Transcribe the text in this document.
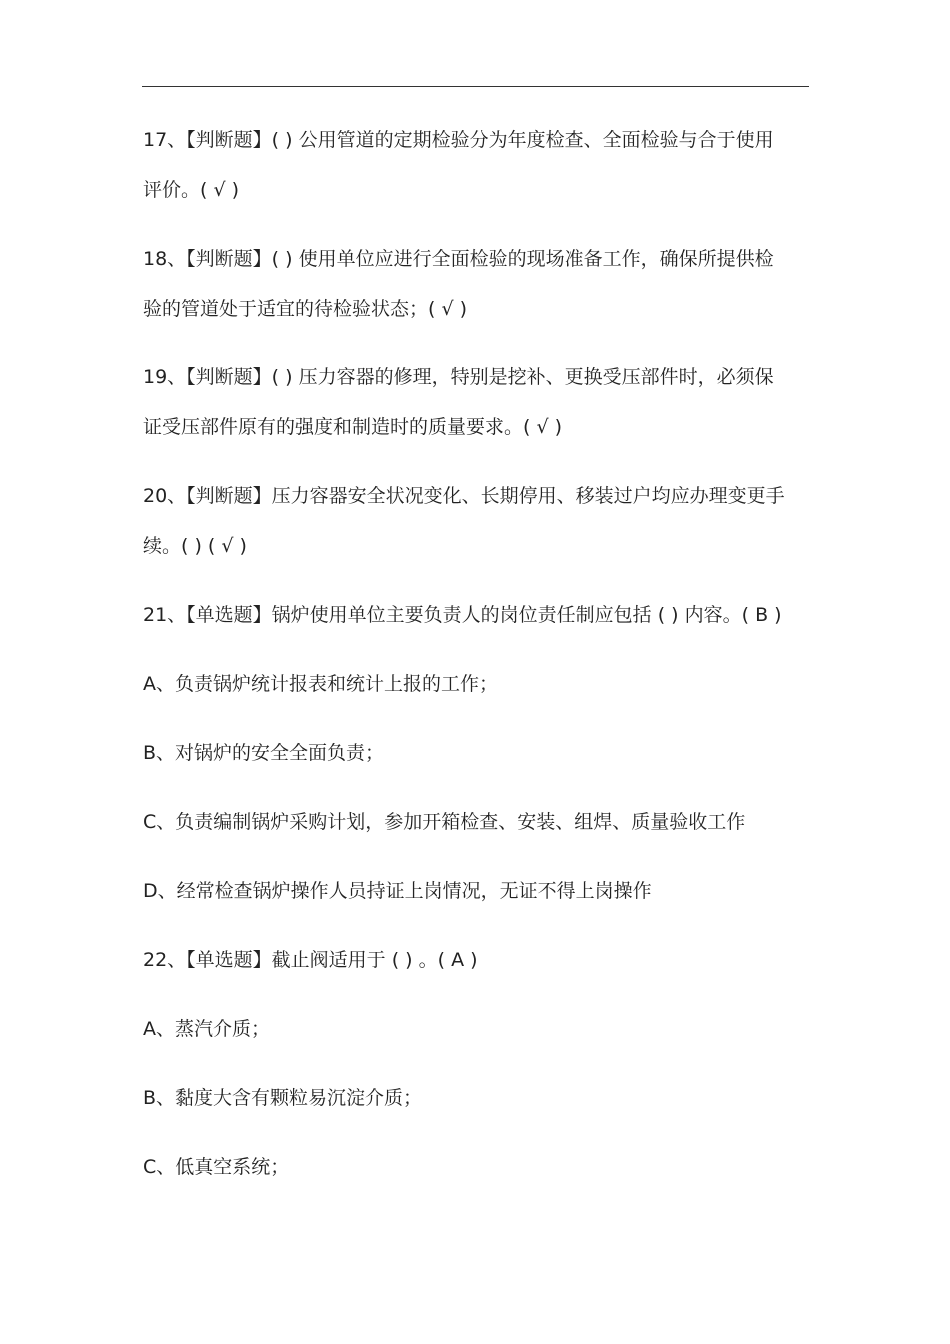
17、【判断题】( ) 公用管道的定期检验分为年度检查、全面检验与合于使用
评价。( √ )
18、【判断题】( ) 使用单位应进行全面检验的现场准备工作，确保所提供检
验的管道处于适宜的待检验状态；( √ )
19、【判断题】( ) 压力容器的修理，特别是挖补、更换受压部件时，必须保
证受压部件原有的强度和制造时的质量要求。( √ )
20、【判断题】压力容器安全状况变化、长期停用、移装过户均应办理变更手
续。( ) ( √ )
21、【单选题】锅炉使用单位主要负责人的岗位责任制应包括 ( ) 内容。( B )
A、负责锅炉统计报表和统计上报的工作；
B、对锅炉的安全全面负责；
C、负责编制锅炉采购计划，参加开箱检查、安装、组焊、质量验收工作
D、经常检查锅炉操作人员持证上岗情况，无证不得上岗操作
22、【单选题】截止阀适用于 ( ) 。( A )
A、蒸汽介质；
B、黏度大含有颗粒易沉淀介质；
C、低真空系统；
